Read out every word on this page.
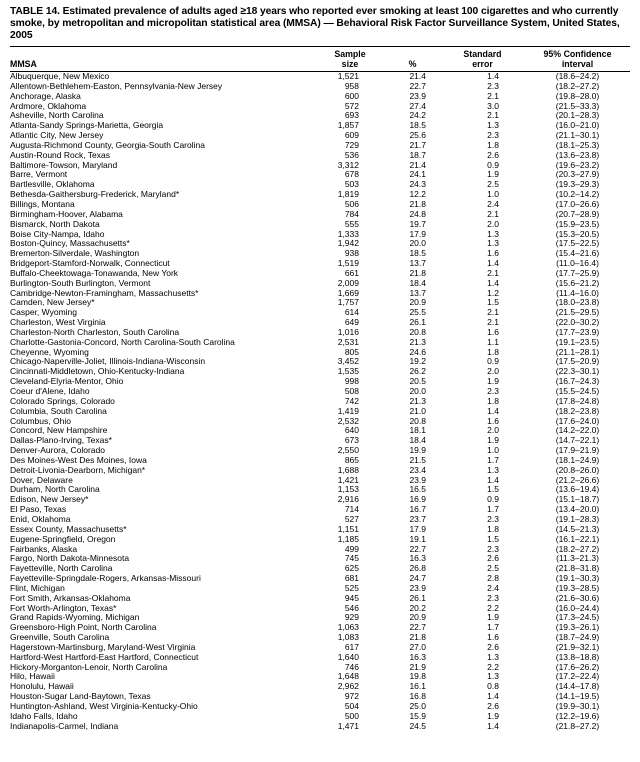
TABLE 14. Estimated prevalence of adults aged ≥18 years who reported ever smoking at least 100 cigarettes and who currently smoke, by metropolitan and micropolitan statistical area (MMSA) — Behavioral Risk Factor Surveillance System, United States, 2005
MMSA	Sample size	%	Standard error	95% Confidence interval
Albuquerque, New Mexico	1,521	21.4	1.4	(18.6–24.2)
Allentown-Bethlehem-Easton, Pennsylvania-New Jersey	958	22.7	2.3	(18.2–27.2)
Anchorage, Alaska	600	23.9	2.1	(19.8–28.0)
Ardmore, Oklahoma	572	27.4	3.0	(21.5–33.3)
Asheville, North Carolina	693	24.2	2.1	(20.1–28.3)
Atlanta-Sandy Springs-Marietta, Georgia	1,857	18.5	1.3	(16.0–21.0)
Atlantic City, New Jersey	609	25.6	2.3	(21.1–30.1)
Augusta-Richmond County, Georgia-South Carolina	729	21.7	1.8	(18.1–25.3)
Austin-Round Rock, Texas	536	18.7	2.6	(13.6–23.8)
Baltimore-Towson, Maryland	3,312	21.4	0.9	(19.6–23.2)
Barre, Vermont	678	24.1	1.9	(20.3–27.9)
Bartlesville, Oklahoma	503	24.3	2.5	(19.3–29.3)
Bethesda-Gaithersburg-Frederick, Maryland*	1,819	12.2	1.0	(10.2–14.2)
Billings, Montana	506	21.8	2.4	(17.0–26.6)
Birmingham-Hoover, Alabama	784	24.8	2.1	(20.7–28.9)
Bismarck, North Dakota	555	19.7	2.0	(15.9–23.5)
Boise City-Nampa, Idaho	1,333	17.9	1.3	(15.3–20.5)
Boston-Quincy, Massachusetts*	1,942	20.0	1.3	(17.5–22.5)
Bremerton-Silverdale, Washington	938	18.5	1.6	(15.4–21.6)
Bridgeport-Stamford-Norwalk, Connecticut	1,519	13.7	1.4	(11.0–16.4)
Buffalo-Cheektowaga-Tonawanda, New York	661	21.8	2.1	(17.7–25.9)
Burlington-South Burlington, Vermont	2,009	18.4	1.4	(15.6–21.2)
Cambridge-Newton-Framingham, Massachusetts*	1,669	13.7	1.2	(11.4–16.0)
Camden, New Jersey*	1,757	20.9	1.5	(18.0–23.8)
Casper, Wyoming	614	25.5	2.1	(21.5–29.5)
Charleston, West Virginia	649	26.1	2.1	(22.0–30.2)
Charleston-North Charleston, South Carolina	1,016	20.8	1.6	(17.7–23.9)
Charlotte-Gastonia-Concord, North Carolina-South Carolina	2,531	21.3	1.1	(19.1–23.5)
Cheyenne, Wyoming	805	24.6	1.8	(21.1–28.1)
Chicago-Naperville-Joliet, Illinois-Indiana-Wisconsin	3,452	19.2	0.9	(17.5–20.9)
Cincinnati-Middletown, Ohio-Kentucky-Indiana	1,535	26.2	2.0	(22.3–30.1)
Cleveland-Elyria-Mentor, Ohio	998	20.5	1.9	(16.7–24.3)
Coeur d'Alene, Idaho	508	20.0	2.3	(15.5–24.5)
Colorado Springs, Colorado	742	21.3	1.8	(17.8–24.8)
Columbia, South Carolina	1,419	21.0	1.4	(18.2–23.8)
Columbus, Ohio	2,532	20.8	1.6	(17.6–24.0)
Concord, New Hampshire	640	18.1	2.0	(14.2–22.0)
Dallas-Plano-Irving, Texas*	673	18.4	1.9	(14.7–22.1)
Denver-Aurora, Colorado	2,550	19.9	1.0	(17.9–21.9)
Des Moines-West Des Moines, Iowa	865	21.5	1.7	(18.1–24.9)
Detroit-Livonia-Dearborn, Michigan*	1,688	23.4	1.3	(20.8–26.0)
Dover, Delaware	1,421	23.9	1.4	(21.2–26.6)
Durham, North Carolina	1,153	16.5	1.5	(13.6–19.4)
Edison, New Jersey*	2,916	16.9	0.9	(15.1–18.7)
El Paso, Texas	714	16.7	1.7	(13.4–20.0)
Enid, Oklahoma	527	23.7	2.3	(19.1–28.3)
Essex County, Massachusetts*	1,151	17.9	1.8	(14.5–21.3)
Eugene-Springfield, Oregon	1,185	19.1	1.5	(16.1–22.1)
Fairbanks, Alaska	499	22.7	2.3	(18.2–27.2)
Fargo, North Dakota-Minnesota	745	16.3	2.6	(11.3–21.3)
Fayetteville, North Carolina	625	26.8	2.5	(21.8–31.8)
Fayetteville-Springdale-Rogers, Arkansas-Missouri	681	24.7	2.8	(19.1–30.3)
Flint, Michigan	525	23.9	2.4	(19.3–28.5)
Fort Smith, Arkansas-Oklahoma	945	26.1	2.3	(21.6–30.6)
Fort Worth-Arlington, Texas*	546	20.2	2.2	(16.0–24.4)
Grand Rapids-Wyoming, Michigan	929	20.9	1.9	(17.3–24.5)
Greensboro-High Point, North Carolina	1,063	22.7	1.7	(19.3–26.1)
Greenville, South Carolina	1,083	21.8	1.6	(18.7–24.9)
Hagerstown-Martinsburg, Maryland-West Virginia	617	27.0	2.6	(21.9–32.1)
Hartford-West Hartford-East Hartford, Connecticut	1,640	16.3	1.3	(13.8–18.8)
Hickory-Morganton-Lenoir, North Carolina	746	21.9	2.2	(17.6–26.2)
Hilo, Hawaii	1,648	19.8	1.3	(17.2–22.4)
Honolulu, Hawaii	2,962	16.1	0.8	(14.4–17.8)
Houston-Sugar Land-Baytown, Texas	972	16.8	1.4	(14.1–19.5)
Huntington-Ashland, West Virginia-Kentucky-Ohio	504	25.0	2.6	(19.9–30.1)
Idaho Falls, Idaho	500	15.9	1.9	(12.2–19.6)
Indianapolis-Carmel, Indiana	1,471	24.5	1.4	(21.8–27.2)
